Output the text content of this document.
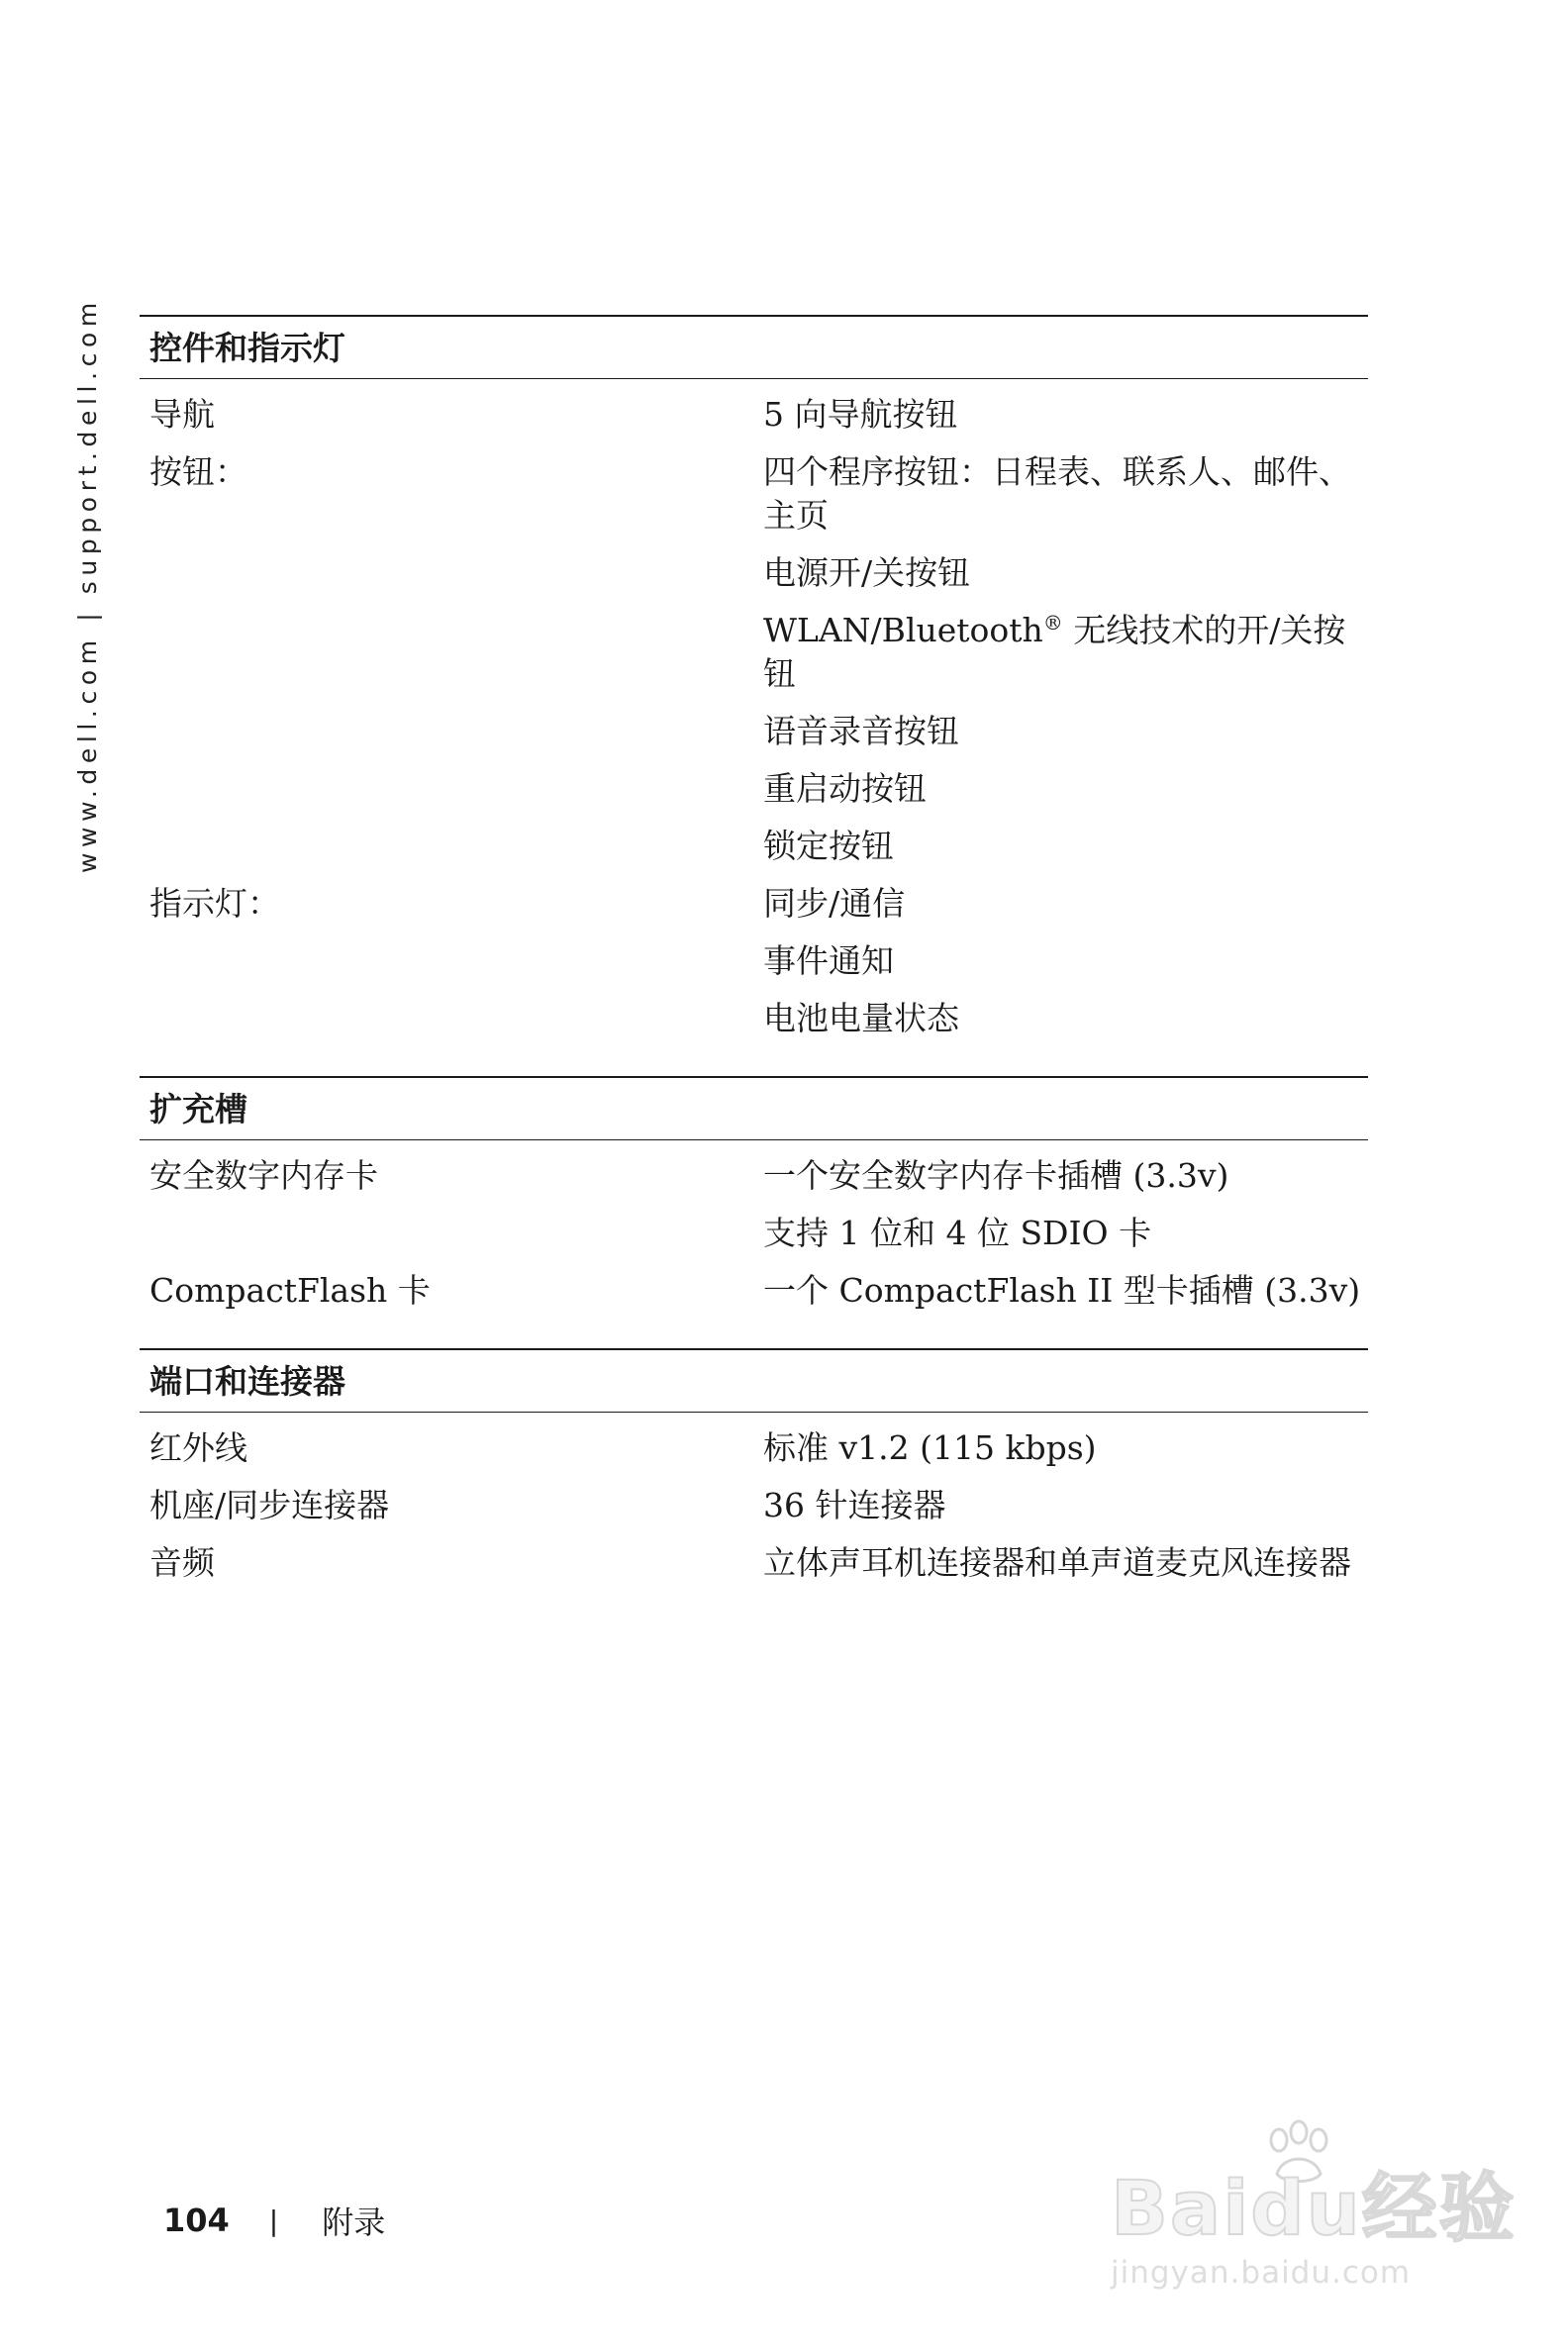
www.dell.com | support.dell.com	控件和指示灯
导航	5 向导航按钮
按钮：	四个程序按钮：日程表、联系人、邮件、主页
电源开/关按钮
WLAN/Bluetooth® 无线技术的开/关按钮
语音录音按钮
重启动按钮
锁定按钮
指示灯：	同步/通信
事件通知
电池电量状态
扩充槽
安全数字内存卡	一个安全数字内存卡插槽 (3.3v)
支持 1 位和 4 位 SDIO 卡
CompactFlash 卡	一个 CompactFlash II 型卡插槽 (3.3v)
端口和连接器
红外线	标准 v1.2 (115 kbps)
机座/同步连接器	36 针连接器
音频	立体声耳机连接器和单声道麦克风连接器
104 | 附录	Baidu经验
jingyan.baidu.com
